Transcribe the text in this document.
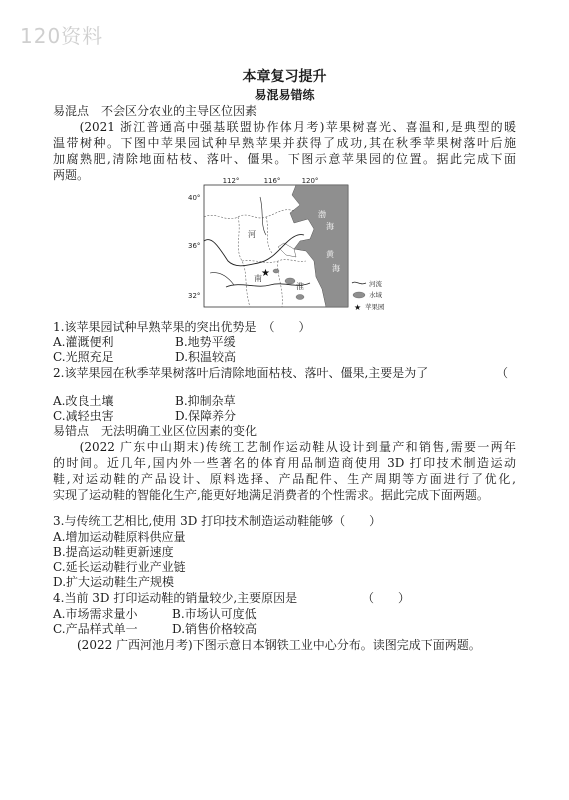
120资料
本章复习提升
易混易错练
易混点　不会区分农业的主导区位因素
　　(2021 浙江普通高中强基联盟协作体月考)苹果树喜光、喜温和,是典型的暖
温带树种。下图中苹果园试种早熟苹果并获得了成功,其在秋季苹果树落叶后施
加腐熟肥,清除地面枯枝、落叶、僵果。下图示意苹果园的位置。据此完成下面
两题。	112°	116°	120°
40°
36°
32°
★
渤
海
黄
海
河
南
淮	河流
水域
★ 苹果园
1.该苹果园试种早熟苹果的突出优势是　（　　）
A.灌溉便利	B.地势平缓
C.光照充足	D.积温较高
2.该苹果园在秋季苹果树落叶后清除地面枯枝、落叶、僵果,主要是为了	（
A.改良土壤	B.抑制杂草
C.减轻虫害	D.保障养分
易错点　无法明确工业区位因素的变化
　　(2022 广东中山期末)传统工艺制作运动鞋从设计到量产和销售,需要一两年
的时间。近几年,国内外一些著名的体育用品制造商使用 3D 打印技术制造运动
鞋,对运动鞋的产品设计、原料选择、产品配件、生产周期等方面进行了优化,
实现了运动鞋的智能化生产,能更好地满足消费者的个性需求。据此完成下面两题。
3.与传统工艺相比,使用 3D 打印技术制造运动鞋能够（　　）
A.增加运动鞋原料供应量
B.提高运动鞋更新速度
C.延长运动鞋行业产业链
D.扩大运动鞋生产规模
4.当前 3D 打印运动鞋的销量较少,主要原因是	（　　）
A.市场需求量小	B.市场认可度低
C.产品样式单一	D.销售价格较高
　　(2022 广西河池月考)下图示意日本钢铁工业中心分布。读图完成下面两题。
